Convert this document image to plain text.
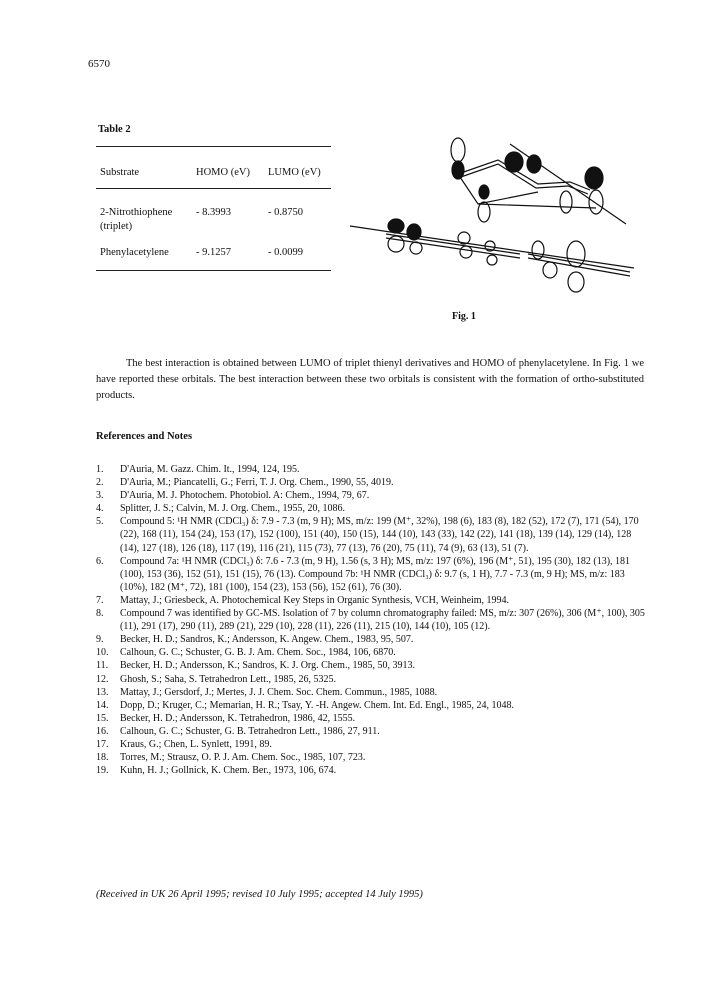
6570
Table 2
Substrate	HOMO (eV) LUMO (eV)
2-Nitrothiophene
(triplet)
- 8.3993	- 0.8750
Phenylacetylene	- 9.1257	- 0.0099
Fig. 1

The best interaction is obtained between LUMO of triplet thienyl derivatives and HOMO of phenylacetylene. In Fig. 1 we have reported these orbitals. The best interaction between these two orbitals is consistent with the formation of ortho-substituted products.

References and Notes
1.	D'Auria, M. Gazz. Chim. It., 1994, 124, 195.
2.	D'Auria, M.; Piancatelli, G.; Ferri, T. J. Org. Chem., 1990, 55, 4019.
3.	D'Auria, M. J. Photochem. Photobiol. A: Chem., 1994, 79, 67.
4.	Splitter, J. S.; Calvin, M. J. Org. Chem., 1955, 20, 1086.
5.	Compound 5: ¹H NMR (CDCl₃) δ: 7.9 - 7.3 (m, 9 H); MS, m/z: 199 (M⁺, 32%), 198 (6), 183 (8), 182 (52), 172 (7), 171 (54), 170 (22), 168 (11), 154 (24), 153 (17), 152 (100), 151 (40), 150 (15), 144 (10), 143 (33), 142 (22), 141 (18), 139 (14), 129 (14), 128 (14), 127 (18), 126 (18), 117 (19), 116 (21), 115 (73), 77 (13), 76 (20), 75 (11), 74 (9), 63 (13), 51 (7).
6.	Compound 7a: ¹H NMR (CDCl₃) δ: 7.6 - 7.3 (m, 9 H), 1.56 (s, 3 H); MS, m/z: 197 (6%), 196 (M⁺, 51), 195 (30), 182 (13), 181 (100), 153 (36), 152 (51), 151 (15), 76 (13). Compound 7b: ¹H NMR (CDCl₃) δ: 9.7 (s, 1 H), 7.7 - 7.3 (m, 9 H); MS, m/z: 183 (10%), 182 (M⁺, 72), 181 (100), 154 (23), 153 (56), 152 (61), 76 (30).
7.	Mattay, J.; Griesbeck, A. Photochemical Key Steps in Organic Synthesis, VCH, Weinheim, 1994.
8.	Compound 7 was identified by GC-MS. Isolation of 7 by column chromatography failed: MS, m/z: 307 (26%), 306 (M⁺, 100), 305 (11), 291 (17), 290 (11), 289 (21), 229 (10), 228 (11), 226 (11), 215 (10), 144 (10), 105 (12).
9.	Becker, H. D.; Sandros, K.; Andersson, K. Angew. Chem., 1983, 95, 507.
10.	Calhoun, G. C.; Schuster, G. B. J. Am. Chem. Soc., 1984, 106, 6870.
11.	Becker, H. D.; Andersson, K.; Sandros, K. J. Org. Chem., 1985, 50, 3913.
12.	Ghosh, S.; Saha, S. Tetrahedron Lett., 1985, 26, 5325.
13.	Mattay, J.; Gersdorf, J.; Mertes, J. J. Chem. Soc. Chem. Commun., 1985, 1088.
14.	Dopp, D.; Kruger, C.; Memarian, H. R.; Tsay, Y. -H. Angew. Chem. Int. Ed. Engl., 1985, 24, 1048.
15.	Becker, H. D.; Andersson, K. Tetrahedron, 1986, 42, 1555.
16.	Calhoun, G. C.; Schuster, G. B. Tetrahedron Lett., 1986, 27, 911.
17.	Kraus, G.; Chen, L. Synlett, 1991, 89.
18.	Torres, M.; Strausz, O. P. J. Am. Chem. Soc., 1985, 107, 723.
19.	Kuhn, H. J.; Gollnick, K. Chem. Ber., 1973, 106, 674.
(Received in UK 26 April 1995; revised 10 July 1995; accepted 14 July 1995)
